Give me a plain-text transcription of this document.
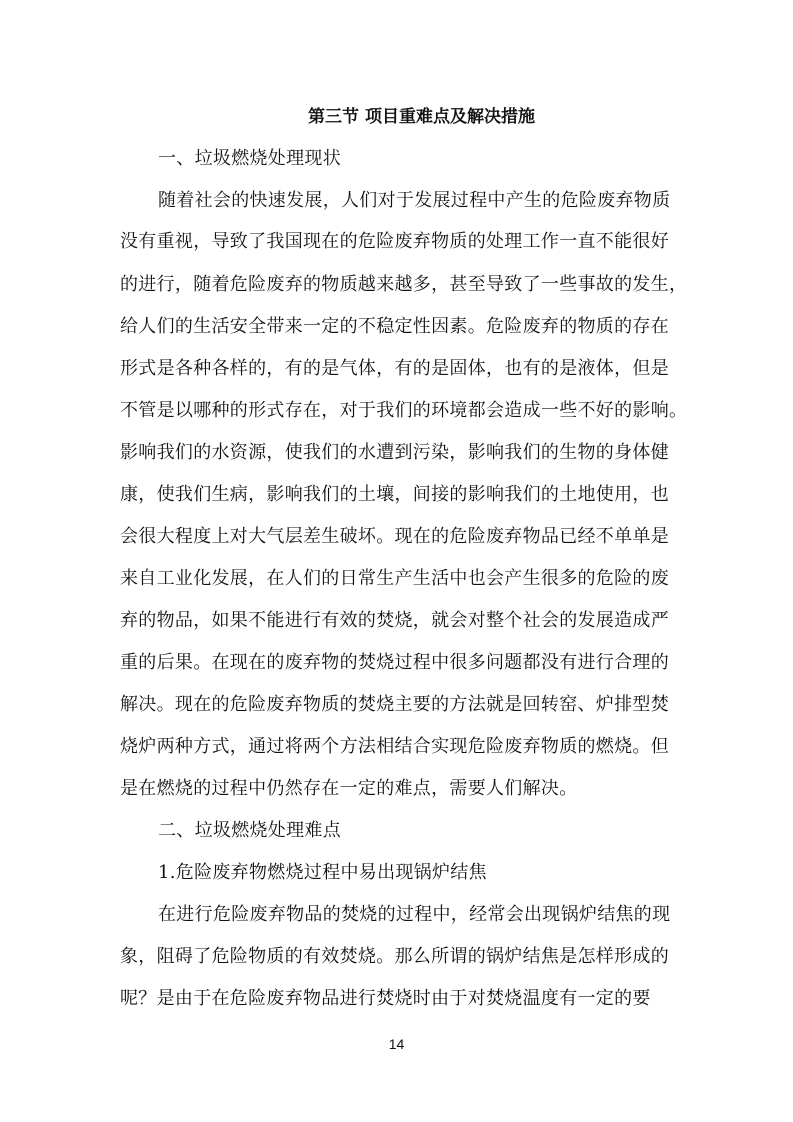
第三节 项目重难点及解决措施
一、垃圾燃烧处理现状
随着社会的快速发展，人们对于发展过程中产生的危险废弃物质
没有重视，导致了我国现在的危险废弃物质的处理工作一直不能很好
的进行，随着危险废弃的物质越来越多，甚至导致了一些事故的发生，
给人们的生活安全带来一定的不稳定性因素。危险废弃的物质的存在
形式是各种各样的，有的是气体，有的是固体，也有的是液体，但是
不管是以哪种的形式存在，对于我们的环境都会造成一些不好的影响。
影响我们的水资源，使我们的水遭到污染，影响我们的生物的身体健
康，使我们生病，影响我们的土壤，间接的影响我们的土地使用，也
会很大程度上对大气层差生破坏。现在的危险废弃物品已经不单单是
来自工业化发展，在人们的日常生产生活中也会产生很多的危险的废
弃的物品，如果不能进行有效的焚烧，就会对整个社会的发展造成严
重的后果。在现在的废弃物的焚烧过程中很多问题都没有进行合理的
解决。现在的危险废弃物质的焚烧主要的方法就是回转窑、炉排型焚
烧炉两种方式，通过将两个方法相结合实现危险废弃物质的燃烧。但
是在燃烧的过程中仍然存在一定的难点，需要人们解决。
二、垃圾燃烧处理难点
1.危险废弃物燃烧过程中易出现锅炉结焦
在进行危险废弃物品的焚烧的过程中，经常会出现锅炉结焦的现
象，阻碍了危险物质的有效焚烧。那么所谓的锅炉结焦是怎样形成的
呢？是由于在危险废弃物品进行焚烧时由于对焚烧温度有一定的要
14
